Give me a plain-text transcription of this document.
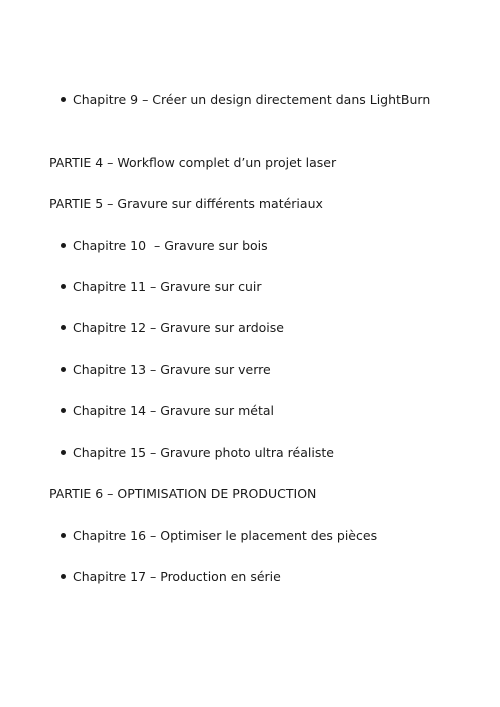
Chapitre 9 – Créer un design directement dans LightBurn
PARTIE 4 – Workflow complet d’un projet laser
PARTIE 5 – Gravure sur différents matériaux
Chapitre 10  – Gravure sur bois
Chapitre 11 – Gravure sur cuir
Chapitre 12 – Gravure sur ardoise
Chapitre 13 – Gravure sur verre
Chapitre 14 – Gravure sur métal
Chapitre 15 – Gravure photo ultra réaliste
PARTIE 6 – OPTIMISATION DE PRODUCTION
Chapitre 16 – Optimiser le placement des pièces
Chapitre 17 – Production en série
